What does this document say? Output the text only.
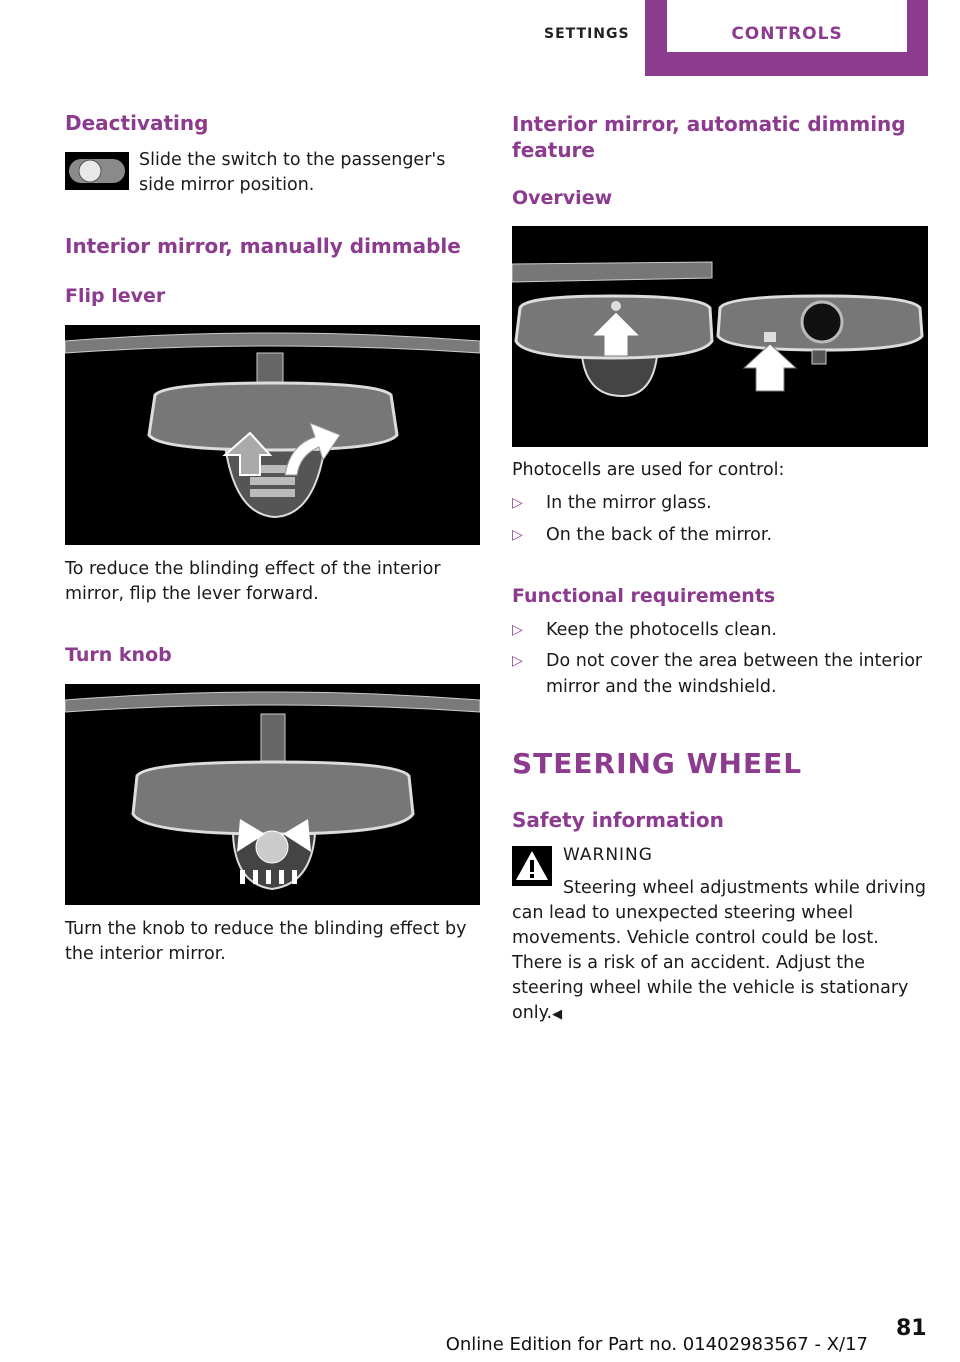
SETTINGS	CONTROLS
Deactivating
Slide the switch to the passenger's side mirror position.
Interior mirror, manually dimmable
Flip lever
To reduce the blinding effect of the interior mirror, flip the lever forward.
Turn knob
Turn the knob to reduce the blinding effect by the interior mirror.
Interior mirror, automatic dimming feature
Overview
Photocells are used for control:
▷ In the mirror glass.
▷ On the back of the mirror.
Functional requirements
▷ Keep the photocells clean.
▷ Do not cover the area between the interior mirror and the windshield.
STEERING WHEEL
Safety information
WARNING
Steering wheel adjustments while driving can lead to unexpected steering wheel movements. Vehicle control could be lost. There is a risk of an accident. Adjust the steering wheel while the vehicle is stationary only.◀
Online Edition for Part no. 01402983567 - X/17
81
